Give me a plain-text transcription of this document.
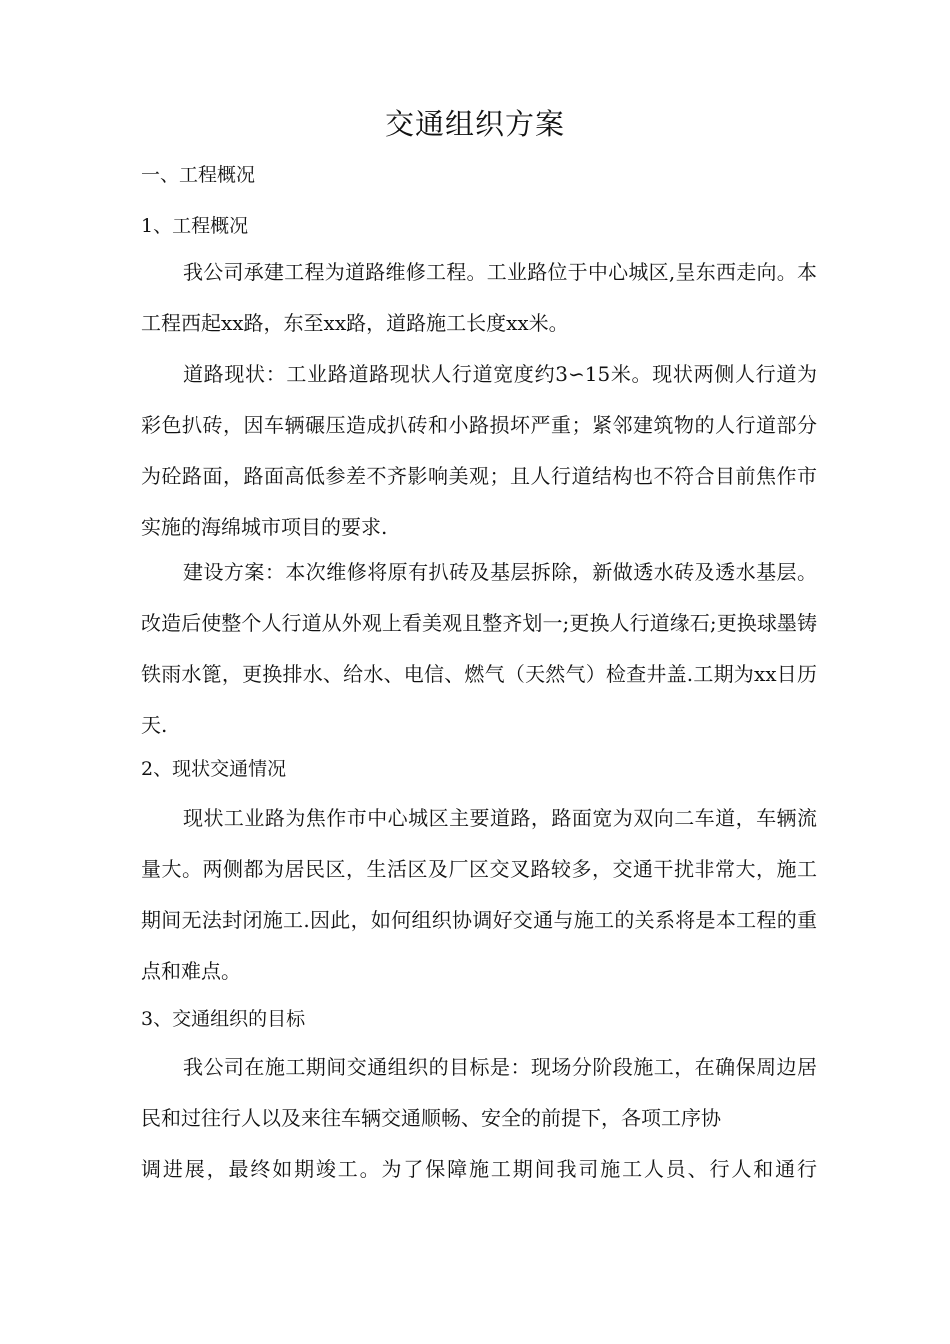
交通组织方案
一、工程概况
1、工程概况

我公司承建工程为道路维修工程。工业路位于中心城区,呈东西走向。本工程西起xx路，东至xx路，道路施工长度xx米。

道路现状：工业路道路现状人行道宽度约3∽15米。现状两侧人行道为彩色扒砖，因车辆碾压造成扒砖和小路损坏严重；紧邻建筑物的人行道部分为砼路面，路面高低参差不齐影响美观；且人行道结构也不符合目前焦作市实施的海绵城市项目的要求.

建设方案：本次维修将原有扒砖及基层拆除，新做透水砖及透水基层。改造后使整个人行道从外观上看美观且整齐划一;更换人行道缘石;更换球墨铸铁雨水篦，更换排水、给水、电信、燃气（天然气）检查井盖.工期为xx日历天.

2、现状交通情况

现状工业路为焦作市中心城区主要道路，路面宽为双向二车道，车辆流量大。两侧都为居民区，生活区及厂区交叉路较多，交通干扰非常大，施工期间无法封闭施工.因此，如何组织协调好交通与施工的关系将是本工程的重点和难点。

3、交通组织的目标

我公司在施工期间交通组织的目标是：现场分阶段施工，在确保周边居民和过往行人以及来往车辆交通顺畅、安全的前提下，各项工序协

调进展，最终如期竣工。为了保障施工期间我司施工人员、行人和通行
